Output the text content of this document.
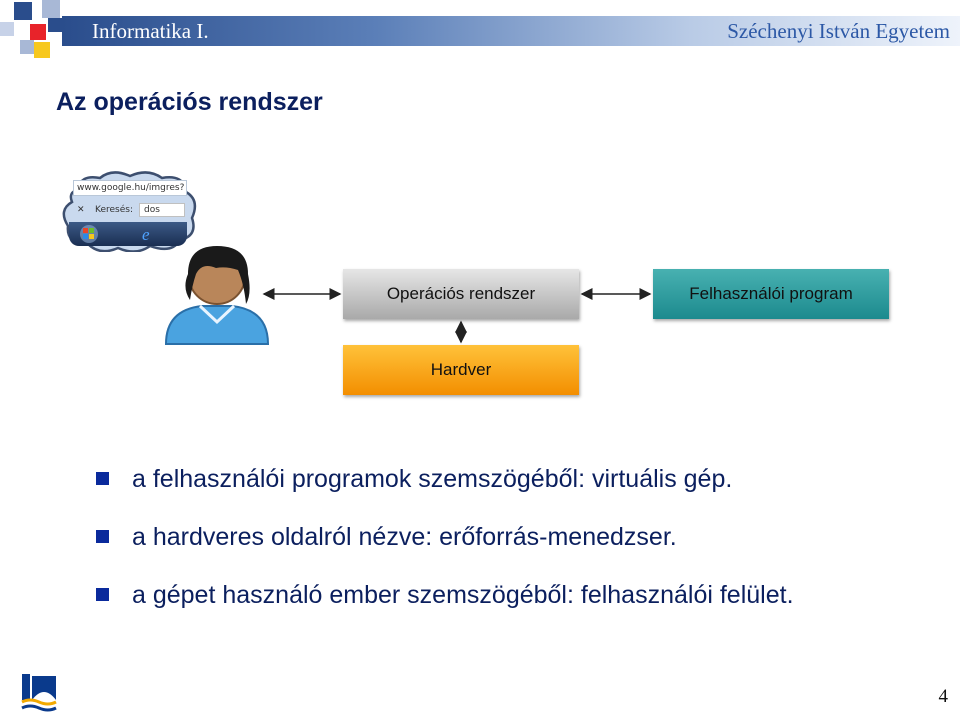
Informatika I.	Széchenyi István Egyetem
Az operációs rendszer
www.google.hu/imgres?
✕ Keresés:	dos
e
Operációs rendszer	Felhasználói program
Hardver
a felhasználói programok szemszögéből: virtuális gép.
a hardveres oldalról nézve: erőforrás-menedzser.
a gépet használó ember szemszögéből: felhasználói felület.
4
